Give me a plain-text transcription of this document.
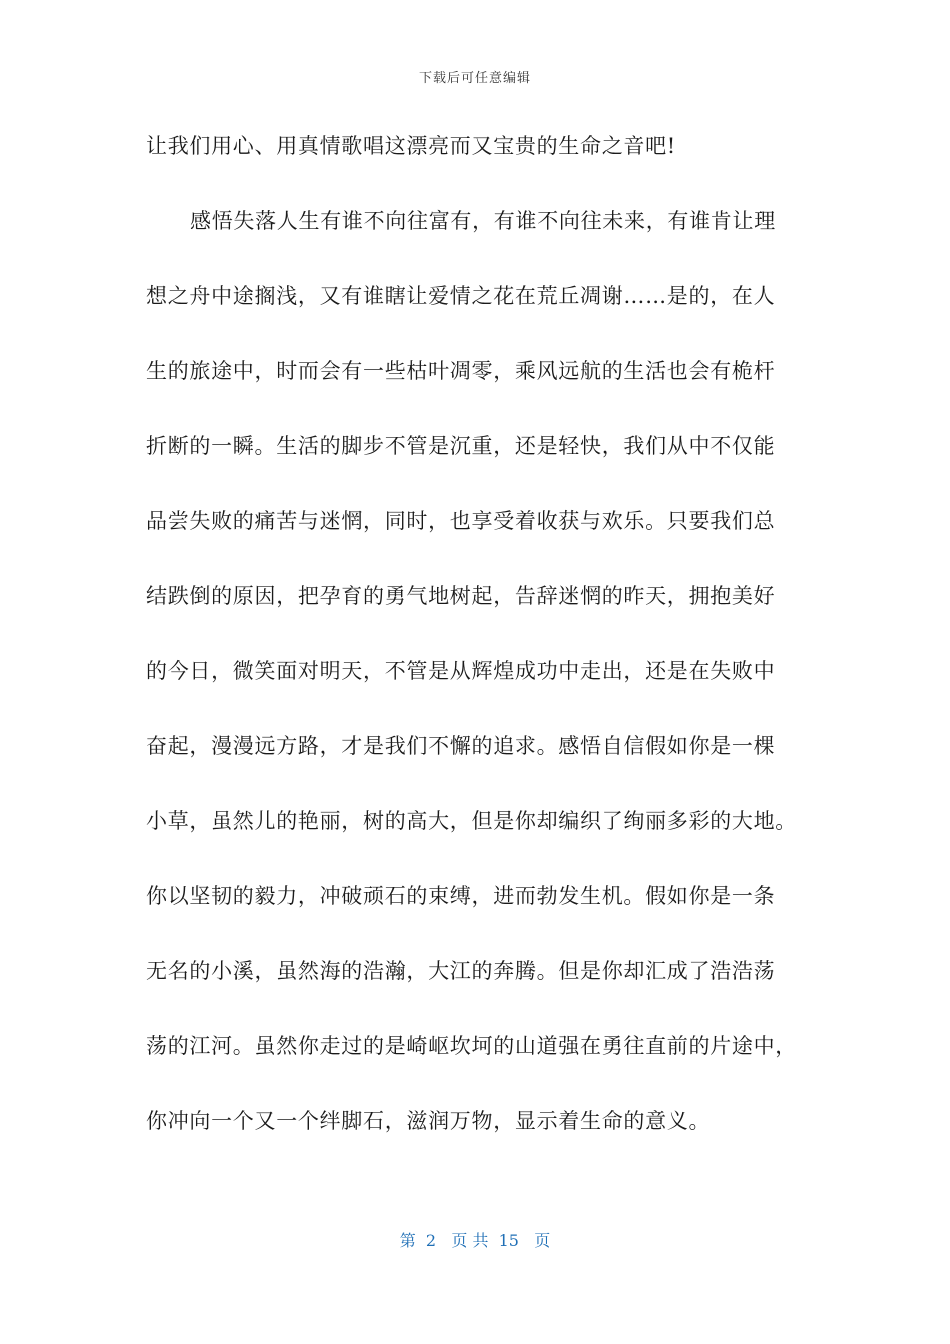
下载后可任意编辑
让我们用心、用真情歌唱这漂亮而又宝贵的生命之音吧!
感悟失落人生有谁不向往富有，有谁不向往未来，有谁肯让理
想之舟中途搁浅，又有谁瞎让爱情之花在荒丘凋谢……是的，在人
生的旅途中，时而会有一些枯叶凋零，乘风远航的生活也会有桅杆
折断的一瞬。生活的脚步不管是沉重，还是轻快，我们从中不仅能
品尝失败的痛苦与迷惘，同时，也享受着收获与欢乐。只要我们总
结跌倒的原因，把孕育的勇气地树起，告辞迷惘的昨天，拥抱美好
的今日，微笑面对明天，不管是从辉煌成功中走出，还是在失败中
奋起，漫漫远方路，才是我们不懈的追求。感悟自信假如你是一棵
小草，虽然儿的艳丽，树的高大，但是你却编织了绚丽多彩的大地。
你以坚韧的毅力，冲破顽石的束缚，进而勃发生机。假如你是一条
无名的小溪，虽然海的浩瀚，大江的奔腾。但是你却汇成了浩浩荡
荡的江河。虽然你走过的是崎岖坎坷的山道强在勇往直前的片途中，
你冲向一个又一个绊脚石，滋润万物，显示着生命的意义。
第  2   页 共  15   页
